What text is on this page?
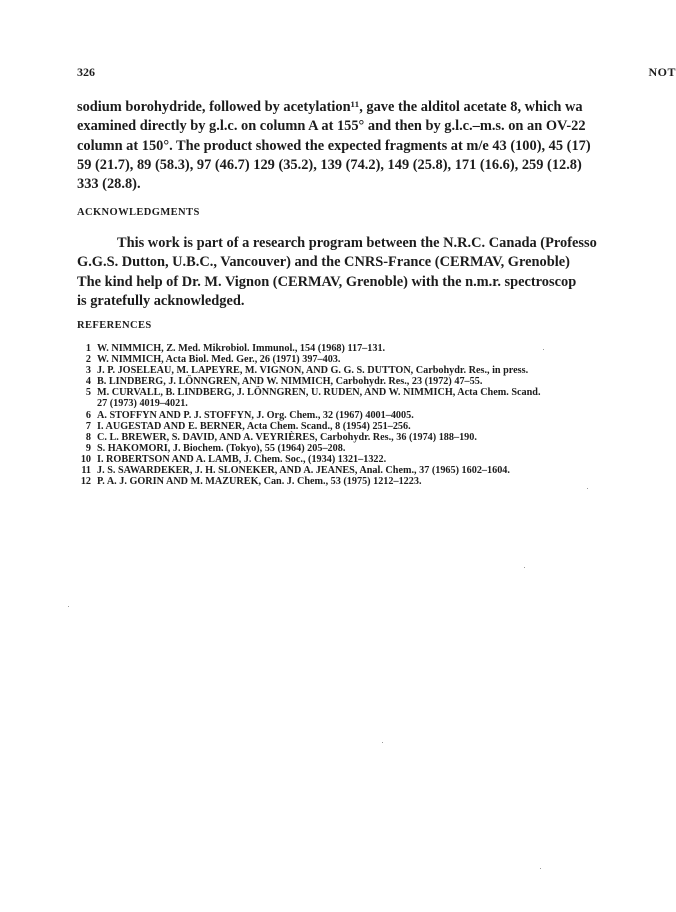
326	NOT
sodium borohydride, followed by acetylation¹¹, gave the alditol acetate 8, which wa
examined directly by g.l.c. on column A at 155° and then by g.l.c.–m.s. on an OV-22
column at 150°. The product showed the expected fragments at m/e 43 (100), 45 (17)
59 (21.7), 89 (58.3), 97 (46.7) 129 (35.2), 139 (74.2), 149 (25.8), 171 (16.6), 259 (12.8)
333 (28.8).
ACKNOWLEDGMENTS
This work is part of a research program between the N.R.C. Canada (Professo
G.G.S. Dutton, U.B.C., Vancouver) and the CNRS-France (CERMAV, Grenoble)
The kind help of Dr. M. Vignon (CERMAV, Grenoble) with the n.m.r. spectroscop
is gratefully acknowledged.
REFERENCES
1 W. NIMMICH, Z. Med. Mikrobiol. Immunol., 154 (1968) 117–131.
2 W. NIMMICH, Acta Biol. Med. Ger., 26 (1971) 397–403.
3 J. P. JOSELEAU, M. LAPEYRE, M. VIGNON, AND G. G. S. DUTTON, Carbohydr. Res., in press.
4 B. LINDBERG, J. LÖNNGREN, AND W. NIMMICH, Carbohydr. Res., 23 (1972) 47–55.
5 M. CURVALL, B. LINDBERG, J. LÖNNGREN, U. RUDEN, AND W. NIMMICH, Acta Chem. Scand.
27 (1973) 4019–4021.
6 A. STOFFYN AND P. J. STOFFYN, J. Org. Chem., 32 (1967) 4001–4005.
7 I. AUGESTAD AND E. BERNER, Acta Chem. Scand., 8 (1954) 251–256.
8 C. L. BREWER, S. DAVID, AND A. VEYRIÈRES, Carbohydr. Res., 36 (1974) 188–190.
9 S. HAKOMORI, J. Biochem. (Tokyo), 55 (1964) 205–208.
10 I. ROBERTSON AND A. LAMB, J. Chem. Soc., (1934) 1321–1322.
11 J. S. SAWARDEKER, J. H. SLONEKER, AND A. JEANES, Anal. Chem., 37 (1965) 1602–1604.
12 P. A. J. GORIN AND M. MAZUREK, Can. J. Chem., 53 (1975) 1212–1223.
